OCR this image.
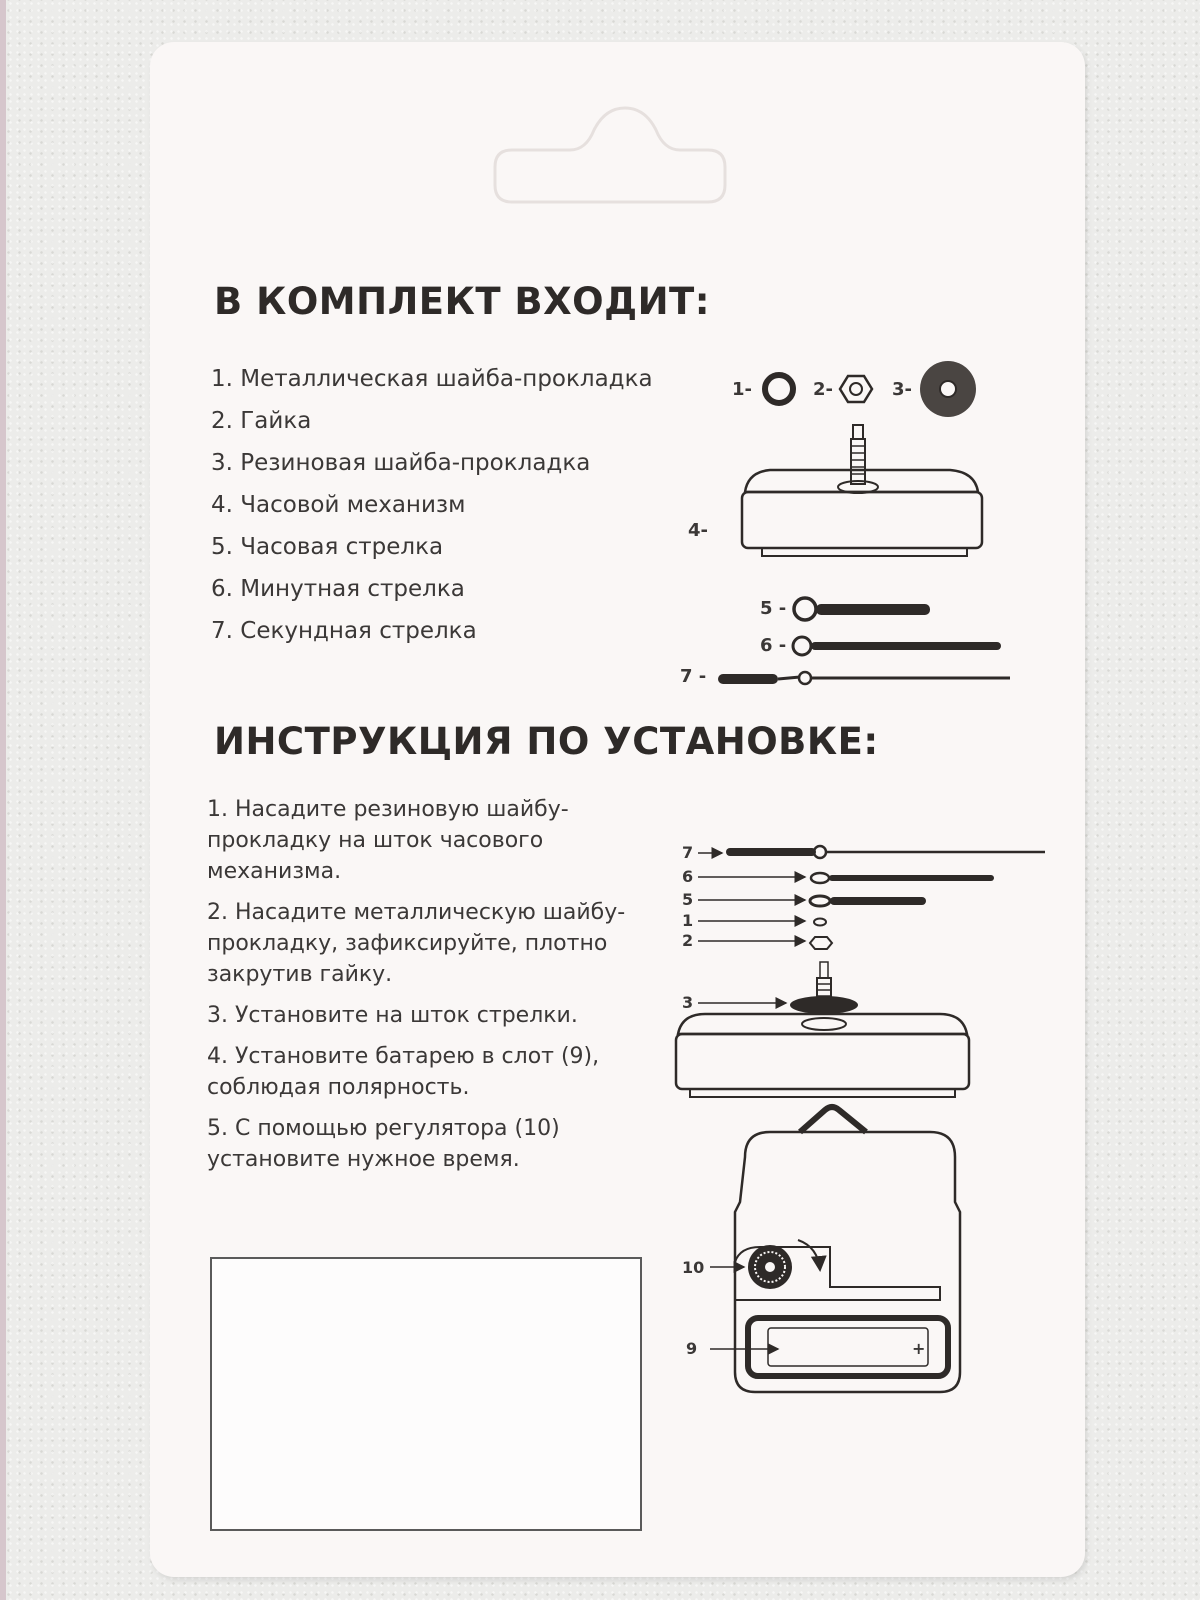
В КОМПЛЕКТ ВХОДИТ:
1. Металлическая шайба-прокладка
2. Гайка
3. Резиновая шайба-прокладка
4. Часовой механизм
5. Часовая стрелка
6. Минутная стрелка
7. Секундная стрелка
1-	2-	3-
4-
5 -
6 -
7 -
ИНСТРУКЦИЯ ПО УСТАНОВКЕ:

1. Насадите резиновую шайбу-прокладку на шток часового механизма.

2. Насадите металлическую шайбу-прокладку, зафиксируйте, плотно закрутив гайку.

3. Установите на шток стрелки.

4. Установите батарею в слот (9), соблюдая полярность.

5. С помощью регулятора (10) установите нужное время.

7
6
5
1
2
3
10
9	+
